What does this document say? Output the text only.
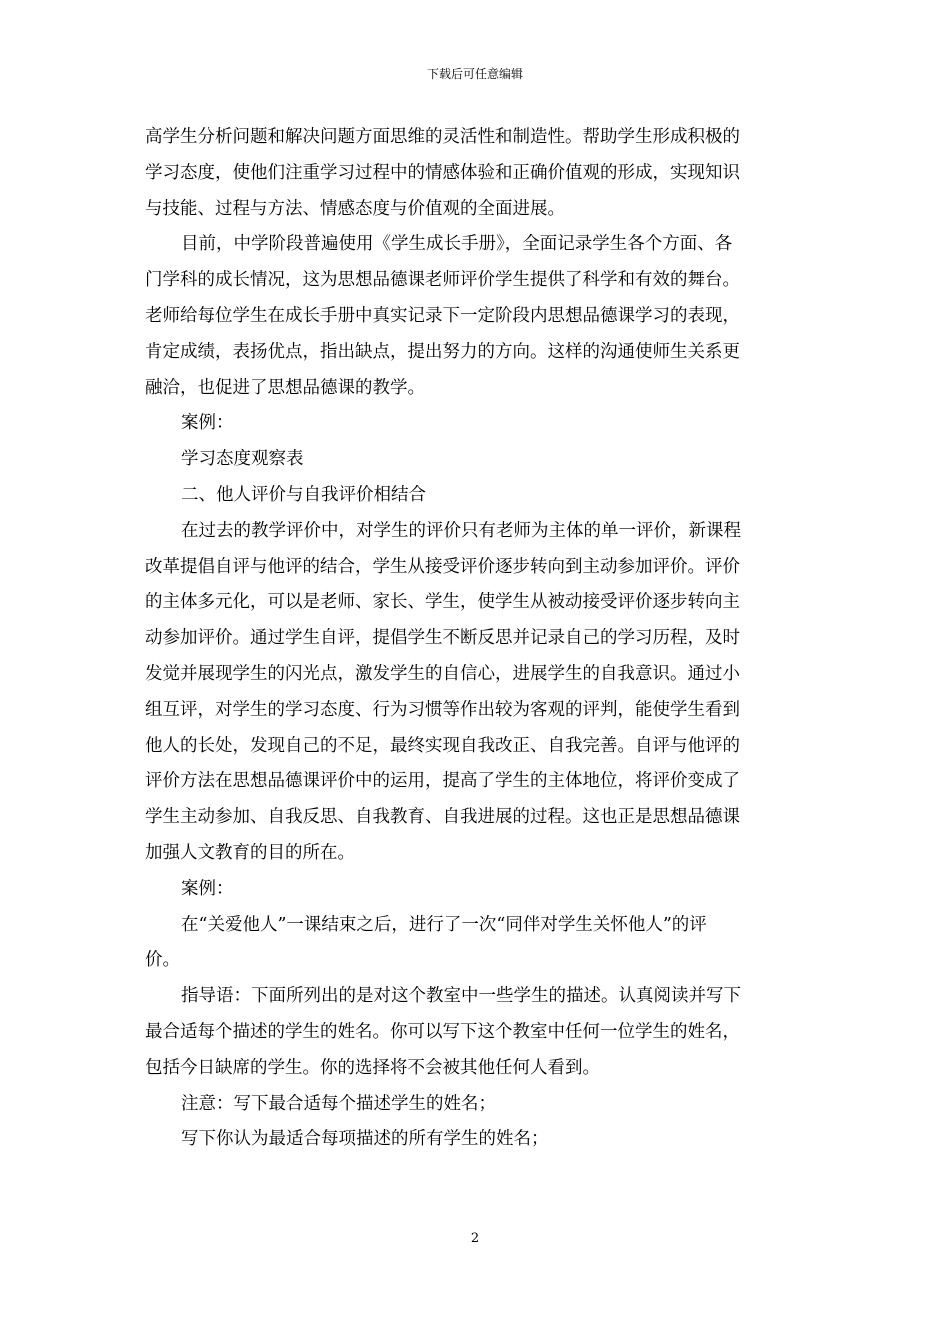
下载后可任意编辑
高学生分析问题和解决问题方面思维的灵活性和制造性。帮助学生形成积极的
学习态度，使他们注重学习过程中的情感体验和正确价值观的形成，实现知识
与技能、过程与方法、情感态度与价值观的全面进展。
目前，中学阶段普遍使用《学生成长手册》，全面记录学生各个方面、各
门学科的成长情况，这为思想品德课老师评价学生提供了科学和有效的舞台。
老师给每位学生在成长手册中真实记录下一定阶段内思想品德课学习的表现，
肯定成绩，表扬优点，指出缺点，提出努力的方向。这样的沟通使师生关系更
融洽，也促进了思想品德课的教学。
案例：
学习态度观察表
二、他人评价与自我评价相结合
在过去的教学评价中，对学生的评价只有老师为主体的单一评价，新课程
改革提倡自评与他评的结合，学生从接受评价逐步转向到主动参加评价。评价
的主体多元化，可以是老师、家长、学生，使学生从被动接受评价逐步转向主
动参加评价。通过学生自评，提倡学生不断反思并记录自己的学习历程，及时
发觉并展现学生的闪光点，激发学生的自信心，进展学生的自我意识。通过小
组互评，对学生的学习态度、行为习惯等作出较为客观的评判，能使学生看到
他人的长处，发现自己的不足，最终实现自我改正、自我完善。自评与他评的
评价方法在思想品德课评价中的运用，提高了学生的主体地位，将评价变成了
学生主动参加、自我反思、自我教育、自我进展的过程。这也正是思想品德课
加强人文教育的目的所在。
案例：
在“关爱他人”一课结束之后，进行了一次“同伴对学生关怀他人”的评
价。
指导语：下面所列出的是对这个教室中一些学生的描述。认真阅读并写下
最合适每个描述的学生的姓名。你可以写下这个教室中任何一位学生的姓名，
包括今日缺席的学生。你的选择将不会被其他任何人看到。
注意：写下最合适每个描述学生的姓名；
写下你认为最适合每项描述的所有学生的姓名；
2
